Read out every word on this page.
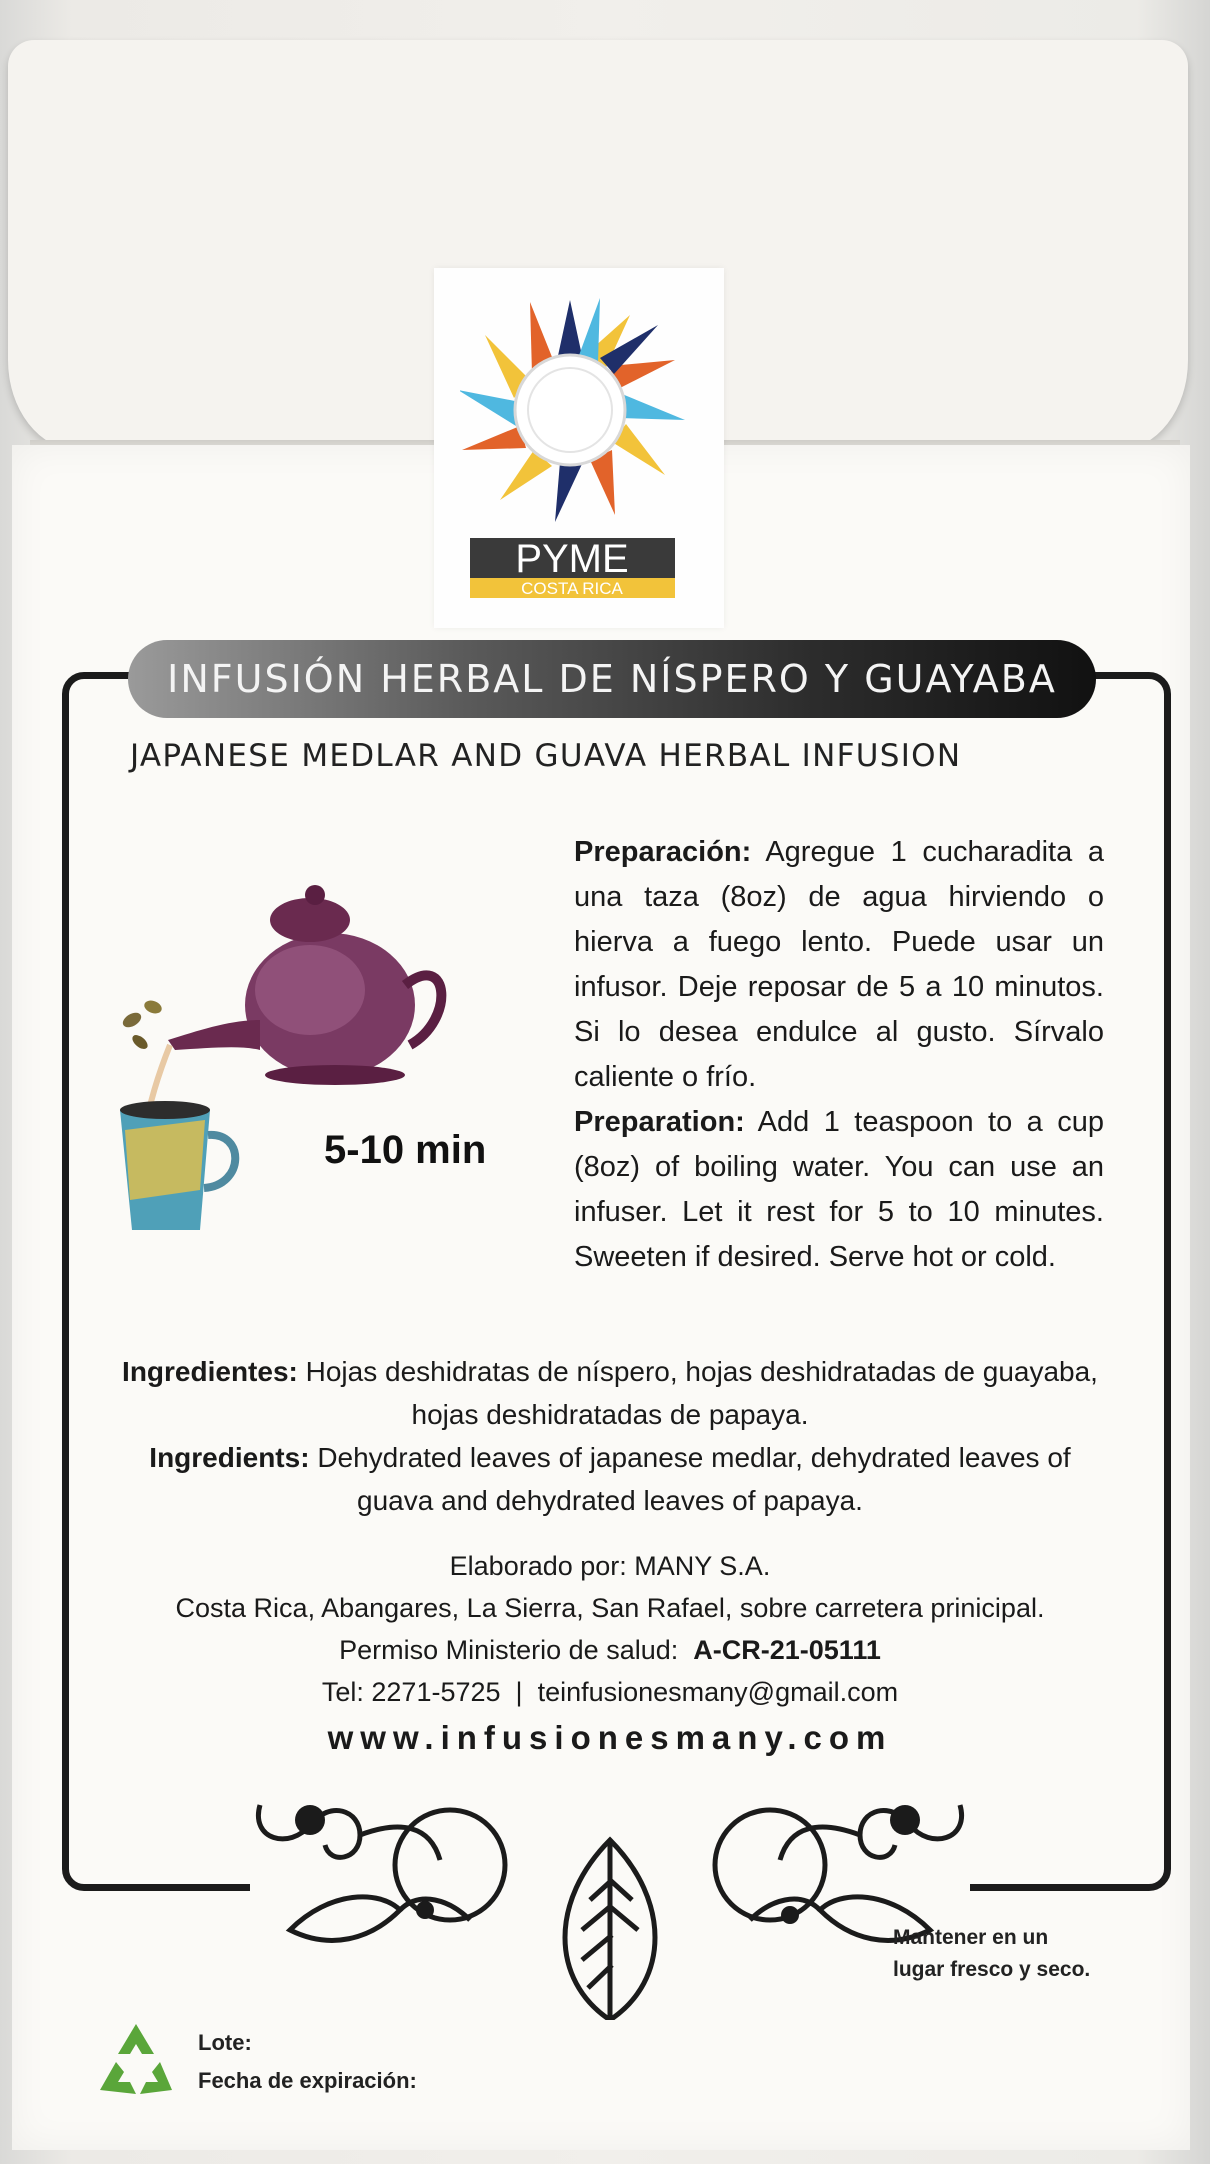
PYME
COSTA RICA
INFUSIÓN HERBAL DE NÍSPERO Y GUAYABA
JAPANESE MEDLAR AND GUAVA HERBAL INFUSION
5-10 min

Preparación: Agregue 1 cucharadita a una taza (8oz) de agua hirviendo o hierva a fuego lento. Puede usar un infusor. Deje reposar de 5 a 10 minutos. Si lo desea endulce al gusto. Sírvalo caliente o frío.

Preparation: Add 1 teaspoon to a cup (8oz) of boiling water. You can use an infuser. Let it rest for 5 to 10 minutes. Sweeten if desired. Serve hot or cold.

Ingredientes: Hojas deshidratas de níspero, hojas deshidratadas de guayaba, hojas deshidratadas de papaya.

Ingredients: Dehydrated leaves of japanese medlar, dehydrated leaves of guava and dehydrated leaves of papaya.

Elaborado por: MANY S.A.
Costa Rica, Abangares, La Sierra, San Rafael, sobre carretera prinicipal.
Permiso Ministerio de salud: A-CR-21-05111
Tel: 2271-5725 | teinfusionesmany@gmail.com
www.infusionesmany.com
Mantener en un
lugar fresco y seco.
Lote:
Fecha de expiración:
